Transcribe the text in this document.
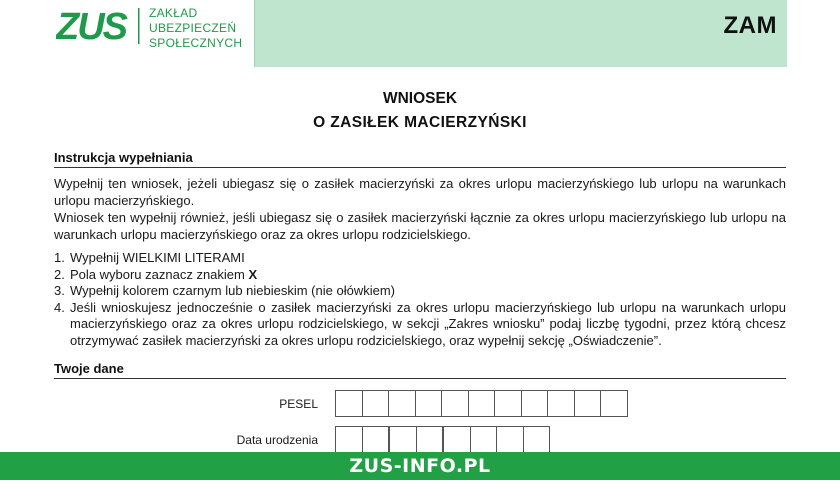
ZUS ZAKŁAD
UBEZPIECZEŃ
SPOŁECZNYCH
ZAM
WNIOSEK
O ZASIŁEK MACIERZYŃSKI
Instrukcja wypełniania
Wypełnij ten wniosek, jeżeli ubiegasz się o zasiłek macierzyński za okres urlopu macierzyńskiego lub urlopu na warunkach urlopu macierzyńskiego.
Wniosek ten wypełnij również, jeśli ubiegasz się o zasiłek macierzyński łącznie za okres urlopu macierzyńskiego lub urlopu na warunkach urlopu macierzyńskiego oraz za okres urlopu rodzicielskiego.
1. Wypełnij WIELKIMI LITERAMI
2. Pola wyboru zaznacz znakiem X
3. Wypełnij kolorem czarnym lub niebieskim (nie ołówkiem)
4. Jeśli wnioskujesz jednocześnie o zasiłek macierzyński za okres urlopu macierzyńskiego lub urlopu na warunkach urlopu macierzyńskiego oraz za okres urlopu rodzicielskiego, w sekcji „Zakres wniosku” podaj liczbę tygodni, przez którą chcesz otrzymywać zasiłek macierzyński za okres urlopu rodzicielskiego, oraz wypełnij sekcję „Oświadczenie”.
Twoje dane
PESEL
Data urodzenia
ZUS-INFO.PL
